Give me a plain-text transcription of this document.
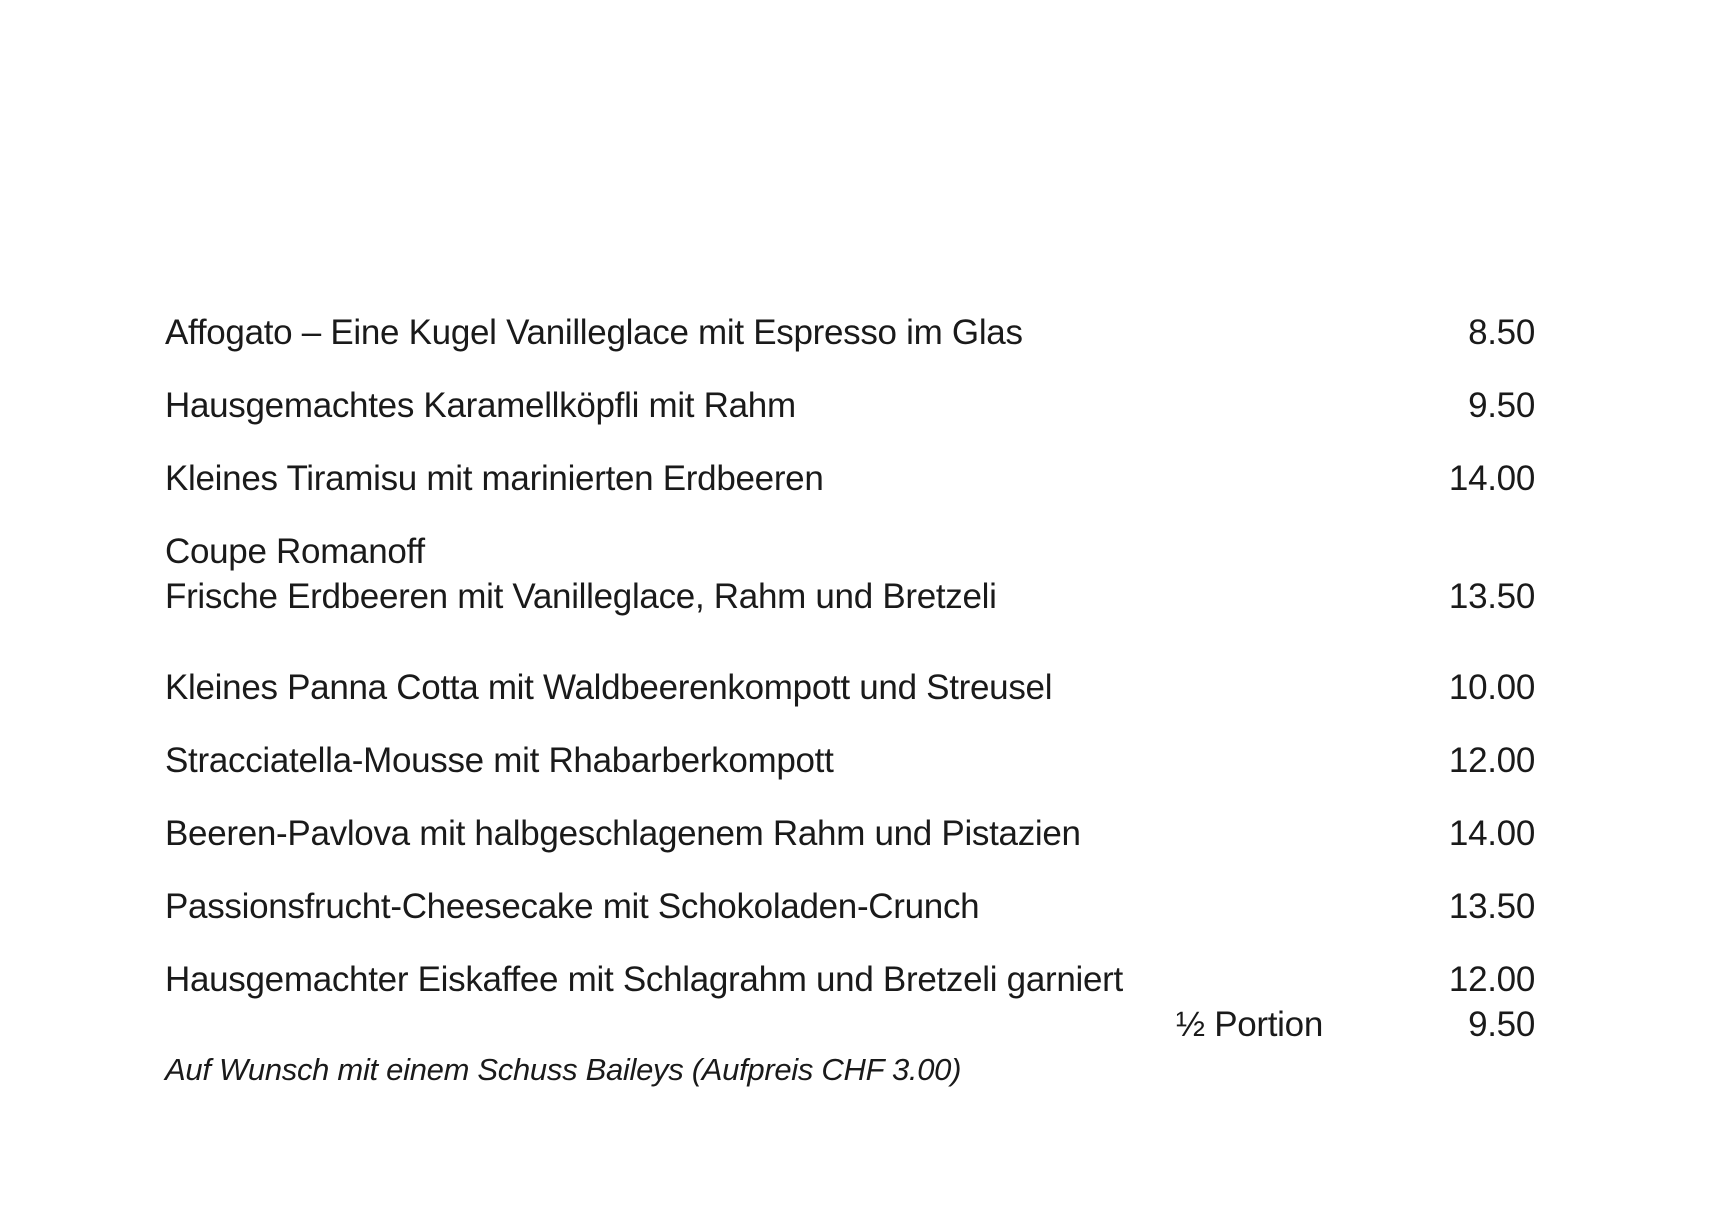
Affogato – Eine Kugel Vanilleglace mit Espresso im Glas	8.50
Hausgemachtes Karamellköpfli mit Rahm	9.50
Kleines Tiramisu mit marinierten Erdbeeren	14.00
Coupe Romanoff
Frische Erdbeeren mit Vanilleglace, Rahm und Bretzeli	13.50
Kleines Panna Cotta mit Waldbeerenkompott und Streusel	10.00
Stracciatella-Mousse mit Rhabarberkompott	12.00
Beeren-Pavlova mit halbgeschlagenem Rahm und Pistazien	14.00
Passionsfrucht-Cheesecake mit Schokoladen-Crunch	13.50
Hausgemachter Eiskaffee mit Schlagrahm und Bretzeli garniert	12.00
½ Portion	9.50
Auf Wunsch mit einem Schuss Baileys (Aufpreis CHF 3.00)
